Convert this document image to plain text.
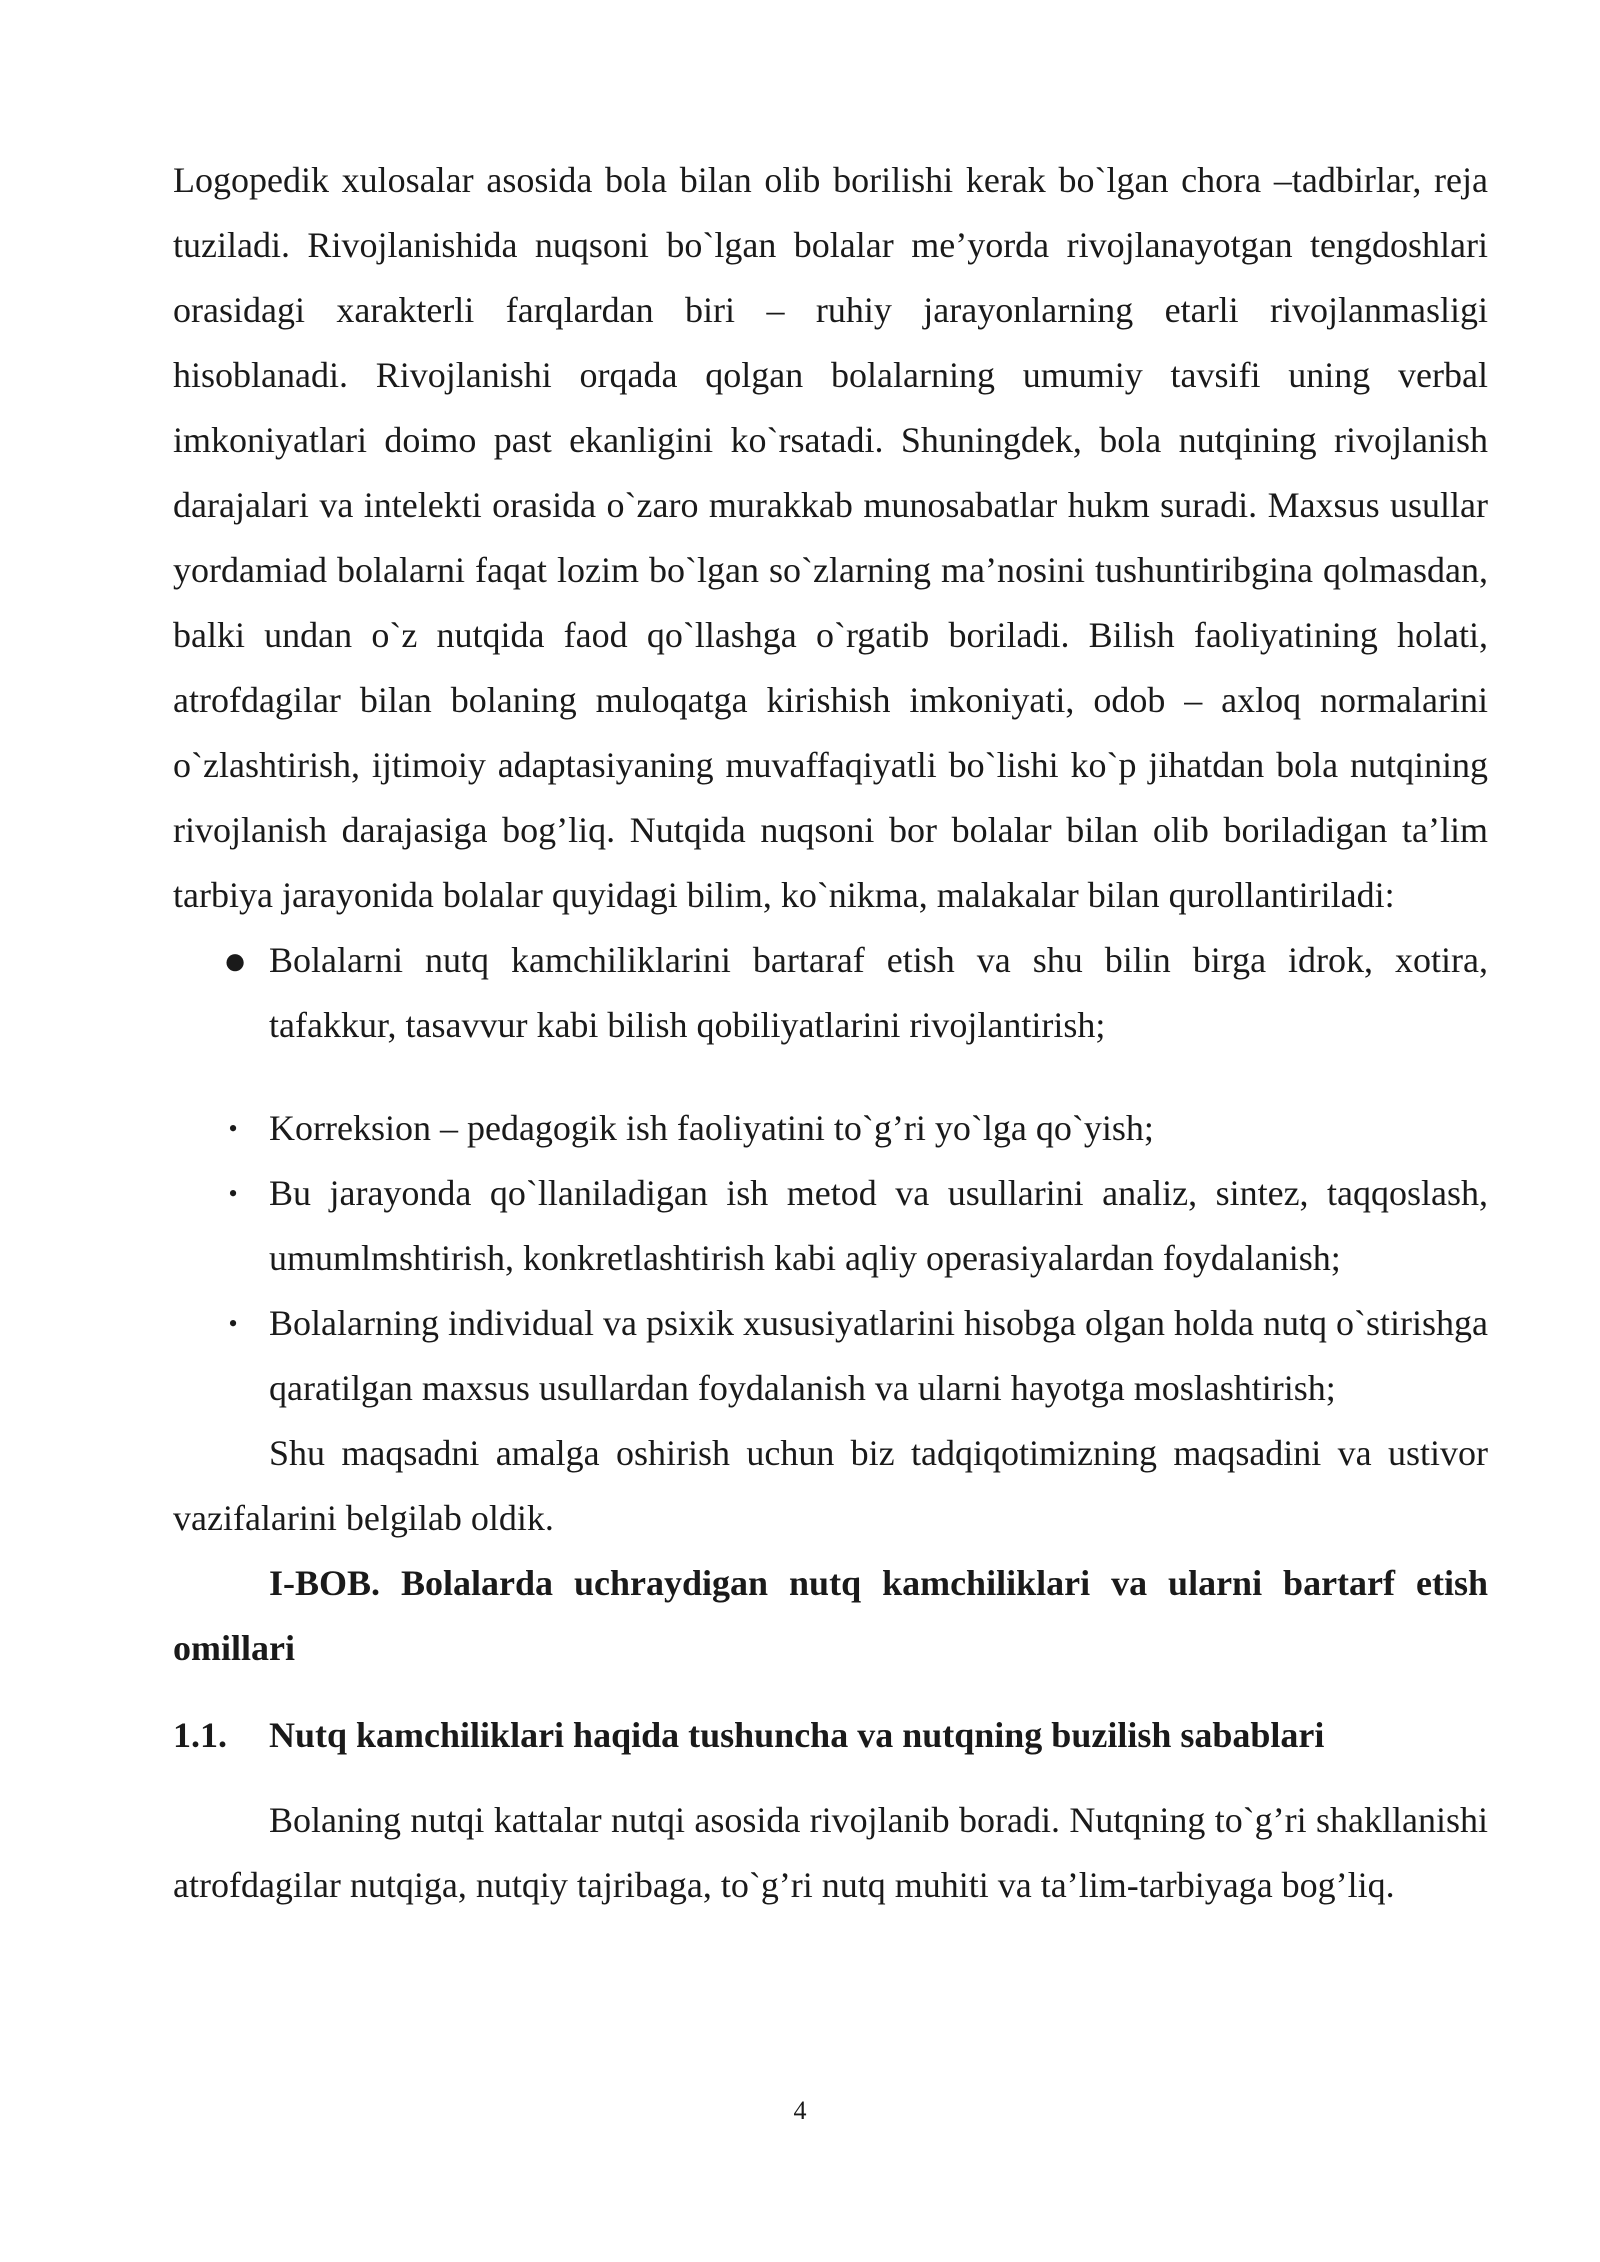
Logopedik xulosalar asosida bola bilan olib borilishi kerak bo`lgan chora –tadbirlar, reja tuziladi. Rivojlanishida nuqsoni bo`lgan bolalar me’yorda rivojlanayotgan tengdoshlari orasidagi xarakterli farqlardan biri – ruhiy jarayonlarning etarli rivojlanmasligi hisoblanadi. Rivojlanishi orqada qolgan bolalarning umumiy tavsifi uning verbal imkoniyatlari doimo past ekanligini ko`rsatadi. Shuningdek, bola nutqining rivojlanish darajalari va intelekti orasida o`zaro murakkab munosabatlar hukm suradi. Maxsus usullar yordamiad bolalarni faqat lozim bo`lgan so`zlarning ma’nosini tushuntiribgina qolmasdan, balki undan o`z nutqida faod qo`llashga o`rgatib boriladi. Bilish faoliyatining holati, atrofdagilar bilan bolaning muloqatga kirishish imkoniyati, odob – axloq normalarini o`zlashtirish, ijtimoiy adaptasiyaning muvaffaqiyatli bo`lishi ko`p jihatdan bola nutqining rivojlanish darajasiga bog’liq. Nutqida nuqsoni bor bolalar bilan olib boriladigan ta’lim tarbiya jarayonida bolalar quyidagi bilim, ko`nikma, malakalar bilan qurollantiriladi:

● Bolalarni nutq kamchiliklarini bartaraf etish va shu bilin birga idrok, xotira, tafakkur, tasavvur kabi bilish qobiliyatlarini rivojlantirish;
• Korreksion – pedagogik ish faoliyatini to`g’ri yo`lga qo`yish;
• Bu jarayonda qo`llaniladigan ish metod va usullarini analiz, sintez, taqqoslash, umumlmshtirish, konkretlashtirish kabi aqliy operasiyalardan foydalanish;
• Bolalarning individual va psixik xususiyatlarini hisobga olgan holda nutq o`stirishga qaratilgan maxsus usullardan foydalanish va ularni hayotga moslashtirish;

Shu maqsadni amalga oshirish uchun biz tadqiqotimizning maqsadini va ustivor vazifalarini belgilab oldik.

I-BOB. Bolalarda uchraydigan nutq kamchiliklari va ularni bartarf etish omillari

1.1. Nutq kamchiliklari haqida tushuncha va nutqning buzilish sabablari

Bolaning nutqi kattalar nutqi asosida rivojlanib boradi. Nutqning to`g’ri shakllanishi atrofdagilar nutqiga, nutqiy tajribaga, to`g’ri nutq muhiti va ta’lim-tarbiyaga bog’liq.

4
